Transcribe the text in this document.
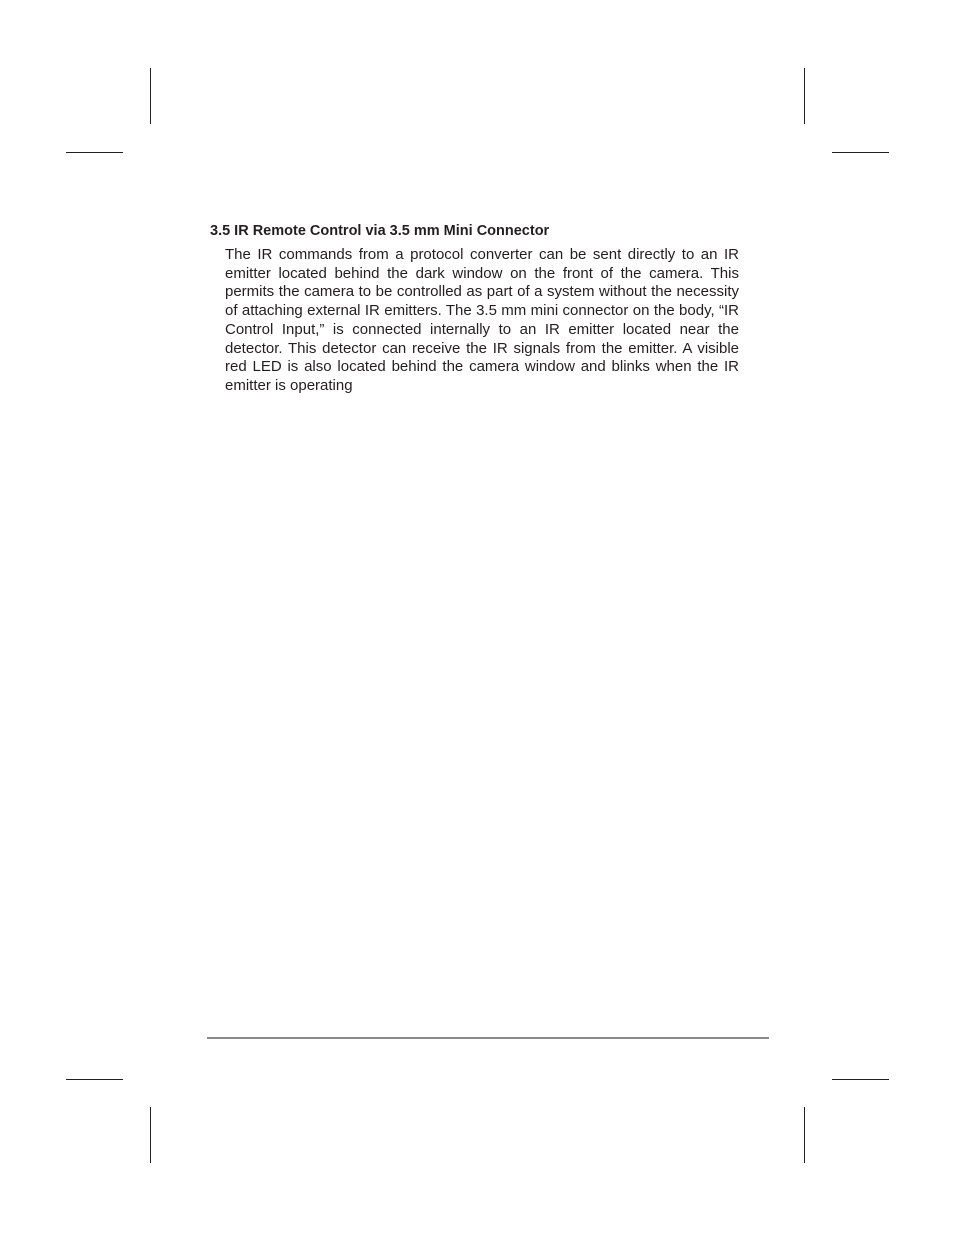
3.5 IR Remote Control via 3.5 mm Mini Connector

The IR commands from a protocol converter can be sent directly to an IR emitter located behind the dark window on the front of the camera. This permits the camera to be controlled as part of a system without the necessity of attaching external IR emitters. The 3.5 mm mini connector on the body, “IR Control Input,” is connected internally to an IR emitter located near the detector. This detector can receive the IR signals from the emitter. A visible red LED is also located behind the camera window and blinks when the IR emitter is operating
